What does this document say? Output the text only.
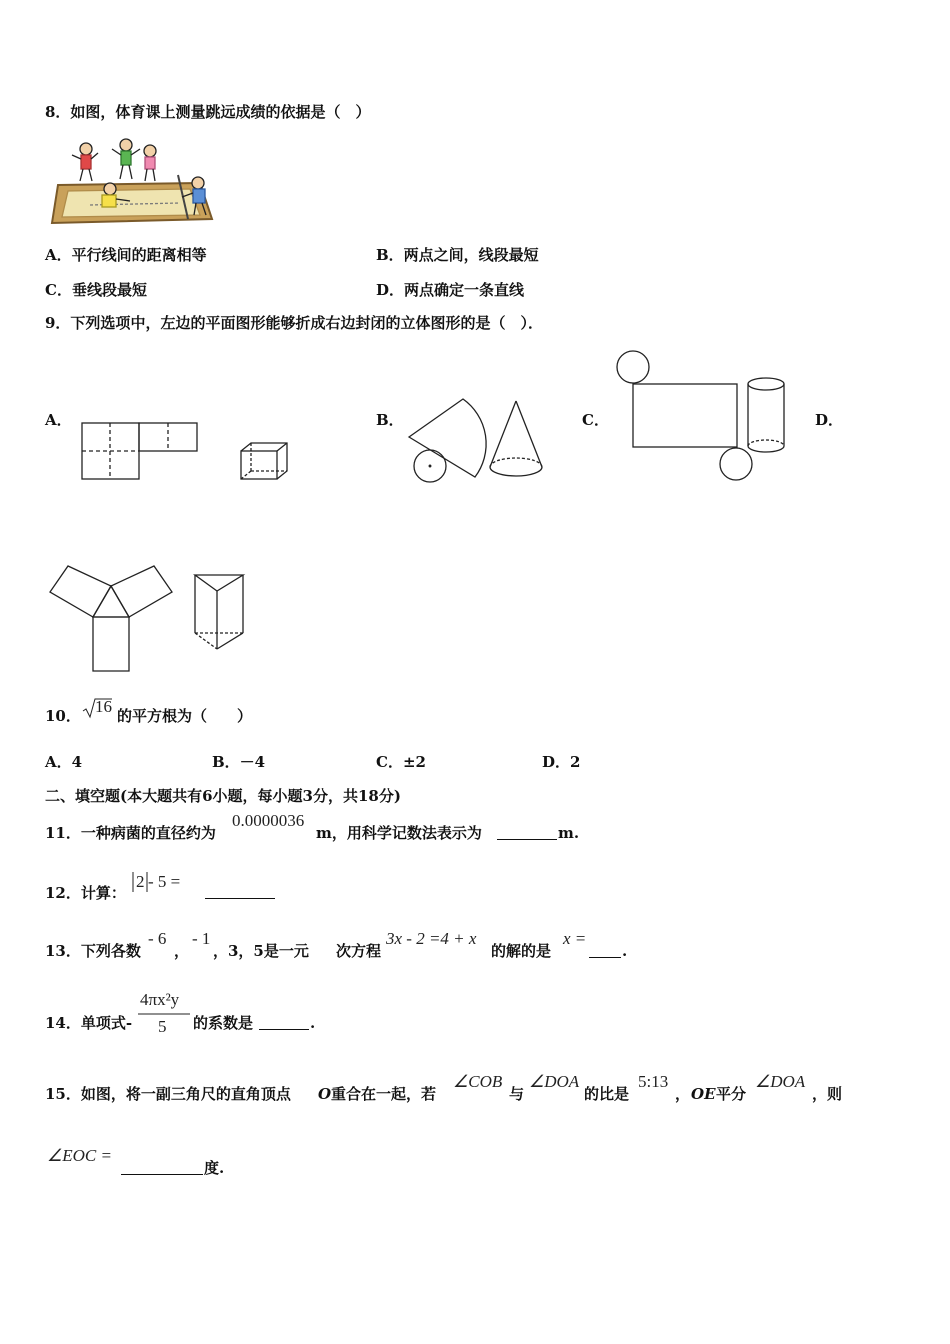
8．如图，体育课上测量跳远成绩的依据是（　）
A．平行线间的距离相等	B．两点之间，线段最短
C．垂线段最短	D．两点确定一条直线
9．下列选项中，左边的平面图形能够折成右边封闭的立体图形的是（　）．
A．	B．	C．	D．
10． 16 的平方根为（　　）
A．4	B．－4	C．±2	D．2
二、填空题(本大题共有6小题，每小题3分，共18分)
11．一种病菌的直径约为
0.0000036
m，用科学记数法表示为	m.
12．计算：
2 - 5 =
13．下列各数
- 6
，
- 1
，3，5是一元 次方程
3x - 2 =4 + x
的解的是
x =
.
14．单项式-
4πx²y
5 的系数是	.
15．如图，将一副三角尺的直角顶点 O 重合在一起，若
∠COB
与
∠DOA
的比是
5:13
， OE 平分
∠DOA
，则
∠EOC =
度.
